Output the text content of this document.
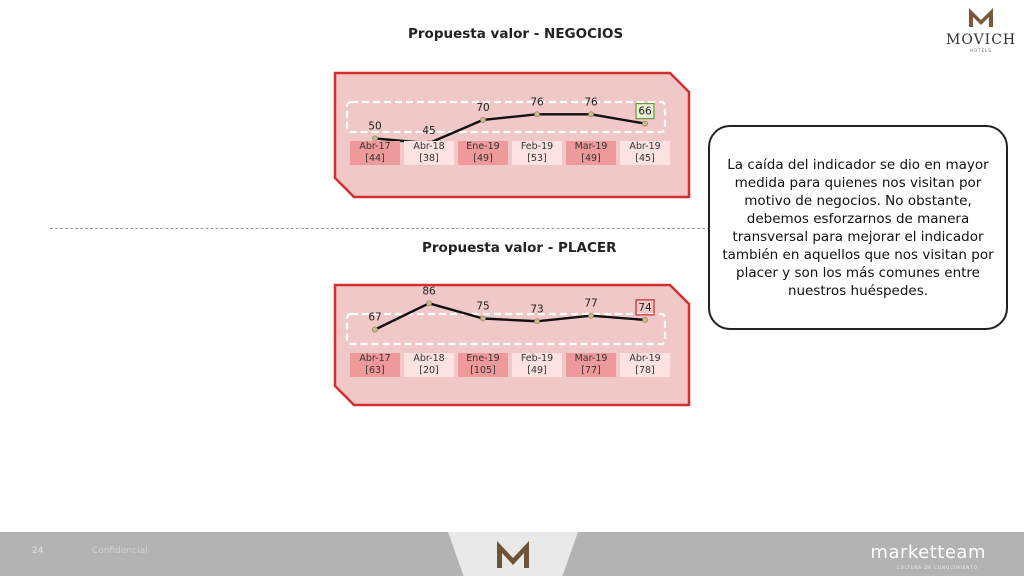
MOVICH
HOTELS
Propuesta valor - NEGOCIOS
50	45
70	76	76
66
Abr-17
[44]
Abr-18
[38]
Ene-19
[49]
Feb-19
[53]
Mar-19
[49]
Abr-19
[45]
Propuesta valor - PLACER
67
86
75	73	77	74
Abr-17
[63]
Abr-18
[20]
Ene-19
[105]
Feb-19
[49]
Mar-19
[77]
Abr-19
[78]
La caída del indicador se dio en mayor medida para quienes nos visitan por motivo de negocios. No obstante, debemos esforzarnos de manera transversal para mejorar el indicador también en aquellos que nos visitan por placer y son los más comunes entre nuestros huéspedes.
24	Confidencial	marketteam
CULTURA DE CONOCIMIENTO
